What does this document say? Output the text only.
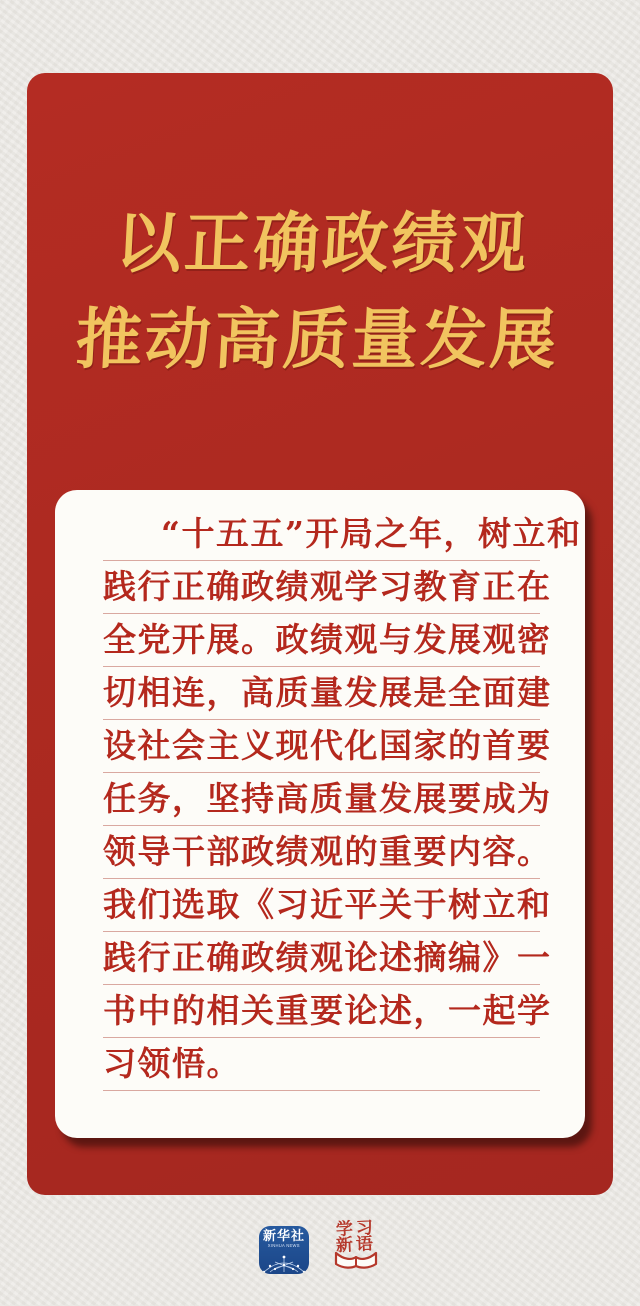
以正确政绩观
推动高质量发展
“十五五”开局之年，树立和
践行正确政绩观学习教育正在
全党开展。政绩观与发展观密
切相连，高质量发展是全面建
设社会主义现代化国家的首要
任务，坚持高质量发展要成为
领导干部政绩观的重要内容。
我们选取《习近平关于树立和
践行正确政绩观论述摘编》一
书中的相关重要论述，一起学
习领悟。
新华社
XINHUA NEWS
学习
新语
